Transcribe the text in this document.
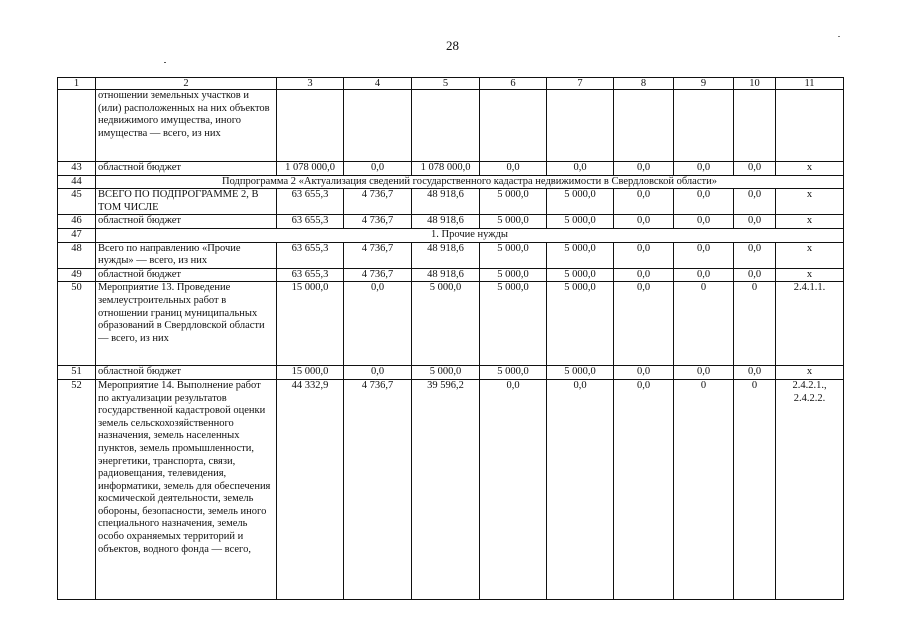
28
1	2	3	4	5	6	7	8	9	10	11
	отношении земельных участков и (или) расположенных на них объектов недвижимого имущества, иного имущества — всего, из них									
43	областной бюджет	1 078 000,0	0,0	1 078 000,0	0,0	0,0	0,0	0,0	0,0	х
44	Подпрограмма 2 «Актуализация сведений государственного кадастра недвижимости в Свердловской области»									
45	ВСЕГО ПО ПОДПРОГРАММЕ 2, В ТОМ ЧИСЛЕ	63 655,3	4 736,7	48 918,6	5 000,0	5 000,0	0,0	0,0	0,0	х
46	областной бюджет	63 655,3	4 736,7	48 918,6	5 000,0	5 000,0	0,0	0,0	0,0	х
47	1. Прочие нужды									
48	Всего по направлению «Прочие нужды» — всего, из них	63 655,3	4 736,7	48 918,6	5 000,0	5 000,0	0,0	0,0	0,0	х
49	областной бюджет	63 655,3	4 736,7	48 918,6	5 000,0	5 000,0	0,0	0,0	0,0	х
50	Мероприятие 13. Проведение землеустроительных работ в отношении границ муниципальных образований в Свердловской области — всего, из них	15 000,0	0,0	5 000,0	5 000,0	5 000,0	0,0	0	0	2.4.1.1.
51	областной бюджет	15 000,0	0,0	5 000,0	5 000,0	5 000,0	0,0	0,0	0,0	х
52	Мероприятие 14. Выполнение работ по актуализации результатов государственной кадастровой оценки земель сельскохозяйственного назначения, земель населенных пунктов, земель промышленности, энергетики, транспорта, связи, радиовещания, телевидения, информатики, земель для обеспечения космической деятельности, земель обороны, безопасности, земель иного специального назначения, земель особо охраняемых территорий и объектов, водного фонда — всего,	44 332,9	4 736,7	39 596,2	0,0	0,0	0,0	0	0	2.4.2.1., 2.4.2.2.
